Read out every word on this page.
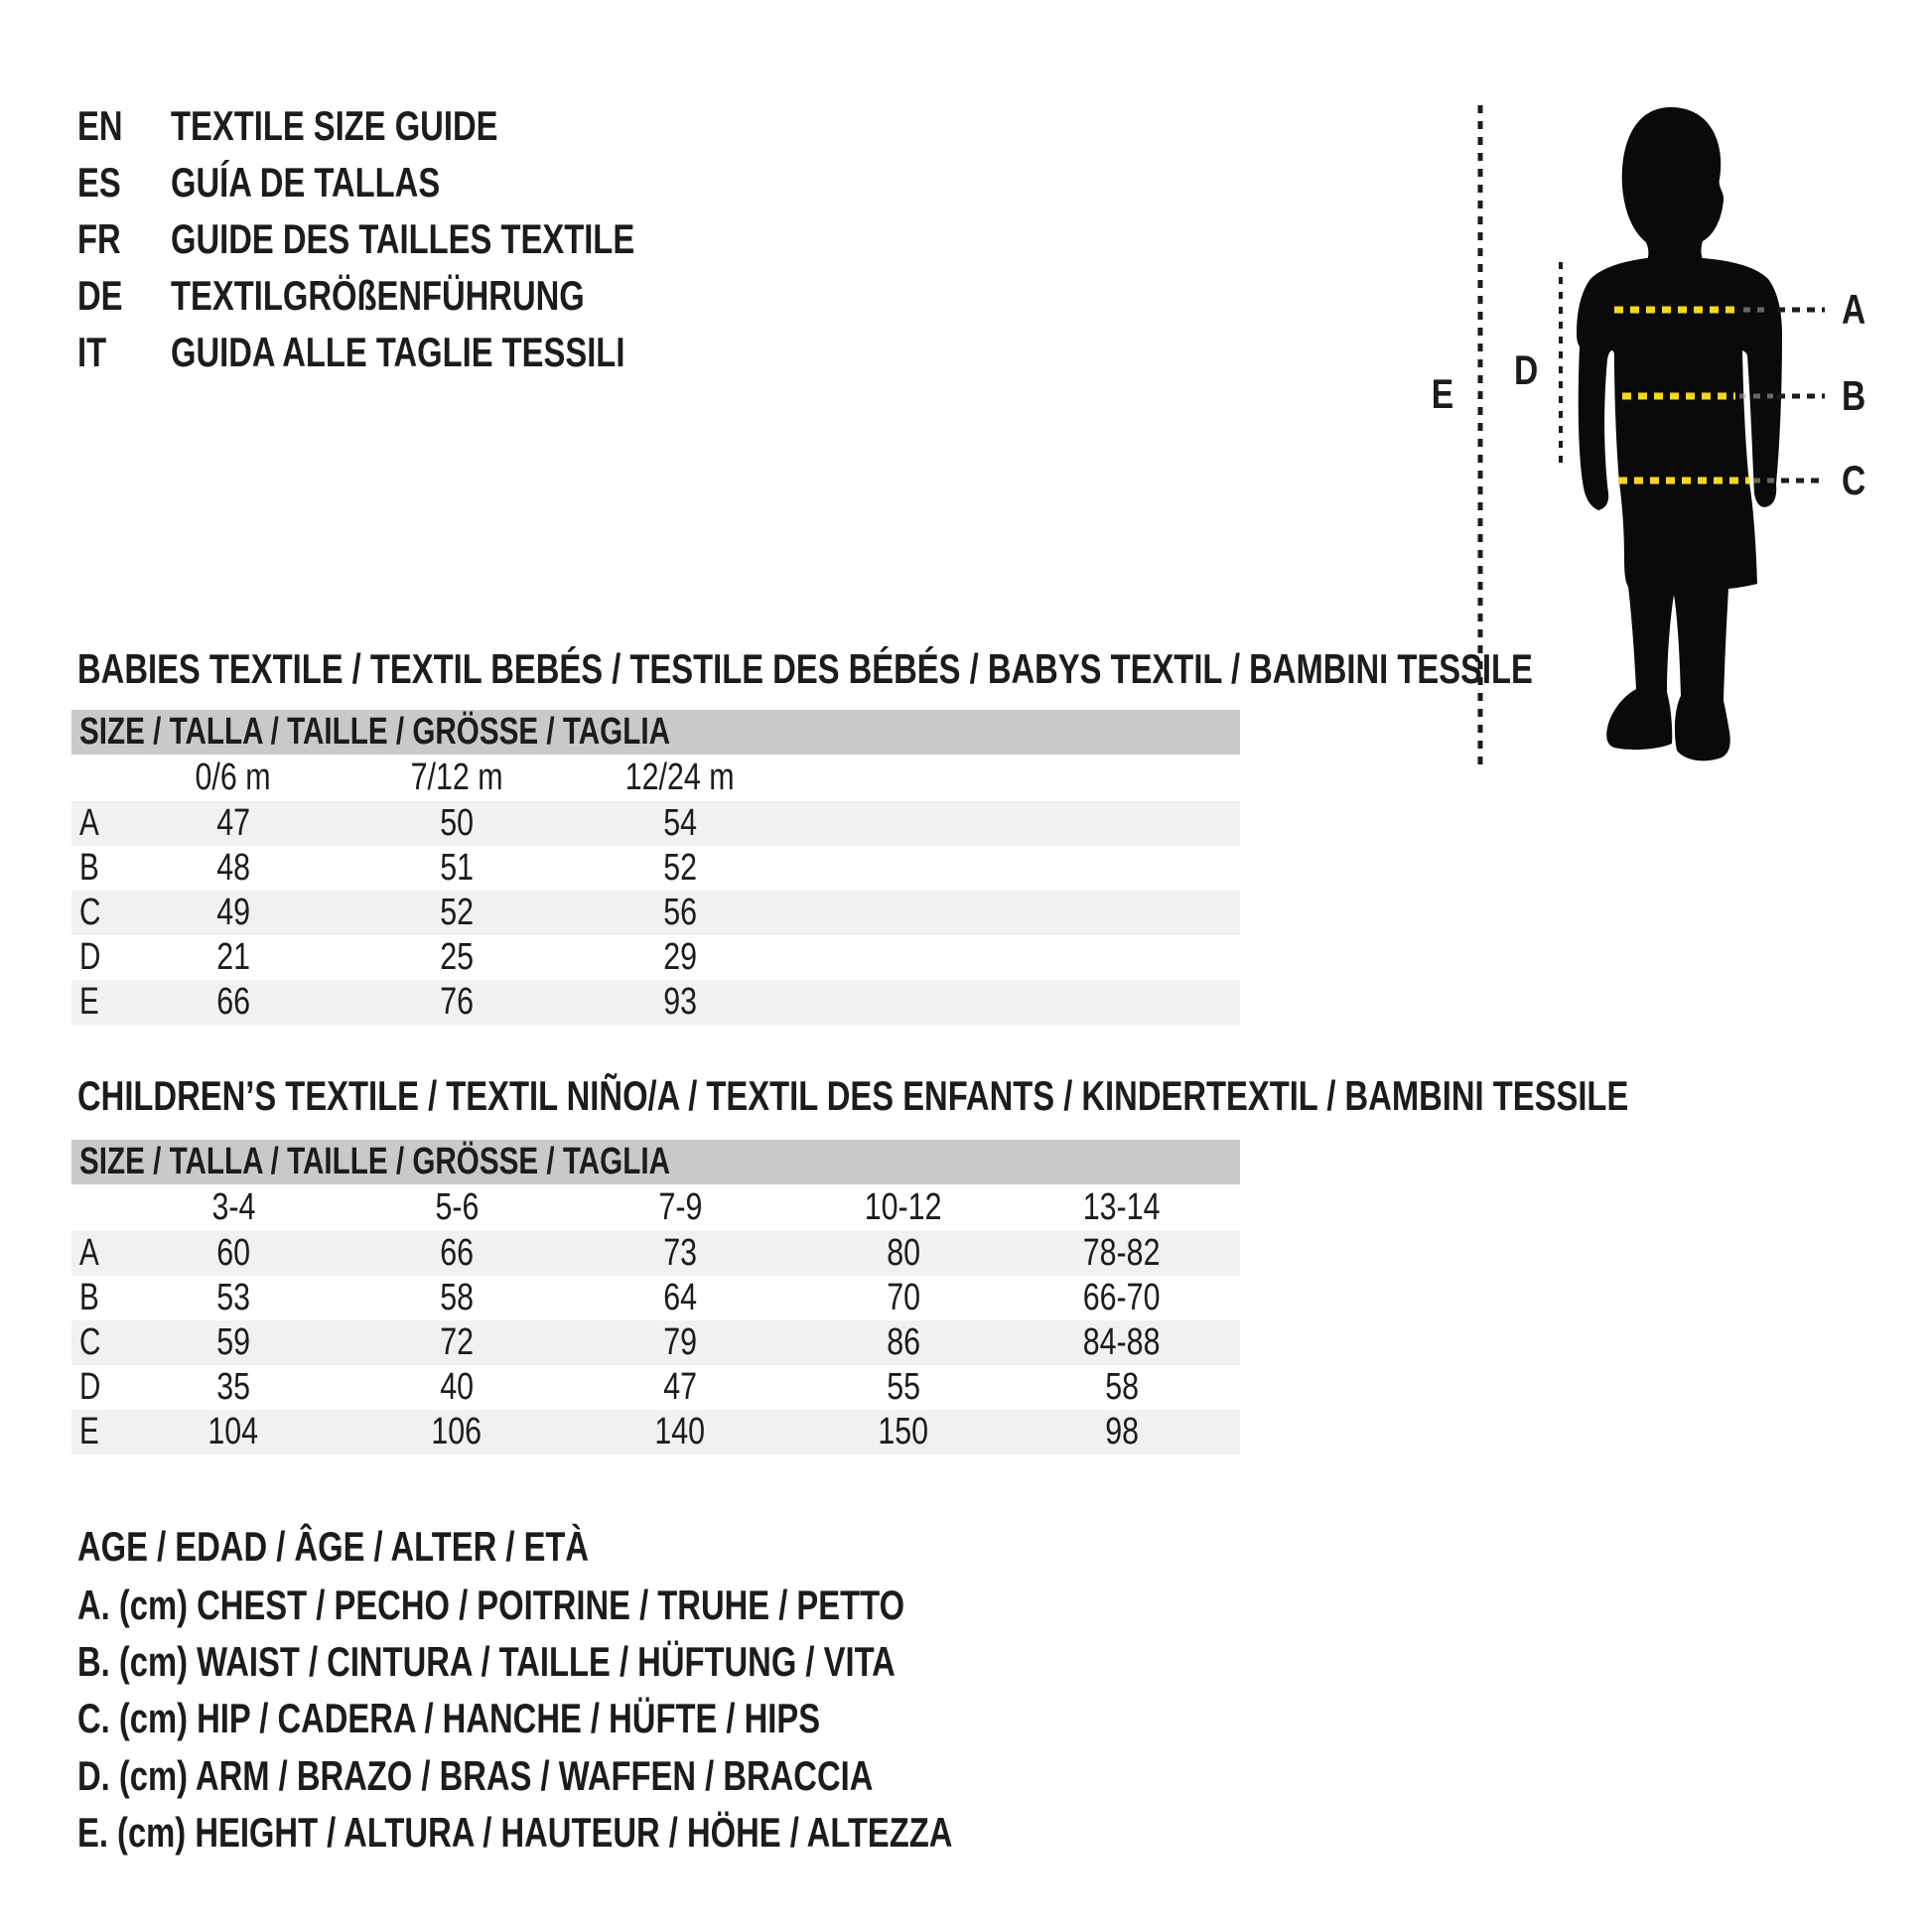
EN	TEXTILE SIZE GUIDE
ES GUÍA DE TALLAS
FR GUIDE DES TAILLES TEXTILE
DE	TEXTILGRÖßENFÜHRUNG
IT GUIDA ALLE TAGLIE TESSILI
A
B
C
D
E
BABIES TEXTILE / TEXTIL BEBÉS / TESTILE DES BÉBÉS / BABYS TEXTIL / BAMBINI TESSILE
SIZE / TALLA / TAILLE / GRÖSSE / TAGLIA
0/6 m	7/12 m	12/24 m
A	47	50	54
B	48	51	52
C	49	52	56
D	21	25	29
E	66	76	93
CHILDREN’S TEXTILE / TEXTIL NIÑO/A / TEXTIL DES ENFANTS / KINDERTEXTIL / BAMBINI TESSILE
SIZE / TALLA / TAILLE / GRÖSSE / TAGLIA
3-4	5-6	7-9	10-12	13-14
A	60	66	73	80	78-82
B	53	58	64	70	66-70
C	59	72	79	86	84-88
D	35	40	47	55	58
E	104	106	140	150	98
AGE / EDAD / ÂGE / ALTER / ETÀ
A. (cm) CHEST / PECHO / POITRINE / TRUHE / PETTO
B. (cm) WAIST / CINTURA / TAILLE / HÜFTUNG / VITA
C. (cm) HIP / CADERA / HANCHE / HÜFTE / HIPS
D. (cm) ARM / BRAZO / BRAS / WAFFEN / BRACCIA
E. (cm) HEIGHT / ALTURA / HAUTEUR / HÖHE / ALTEZZA
